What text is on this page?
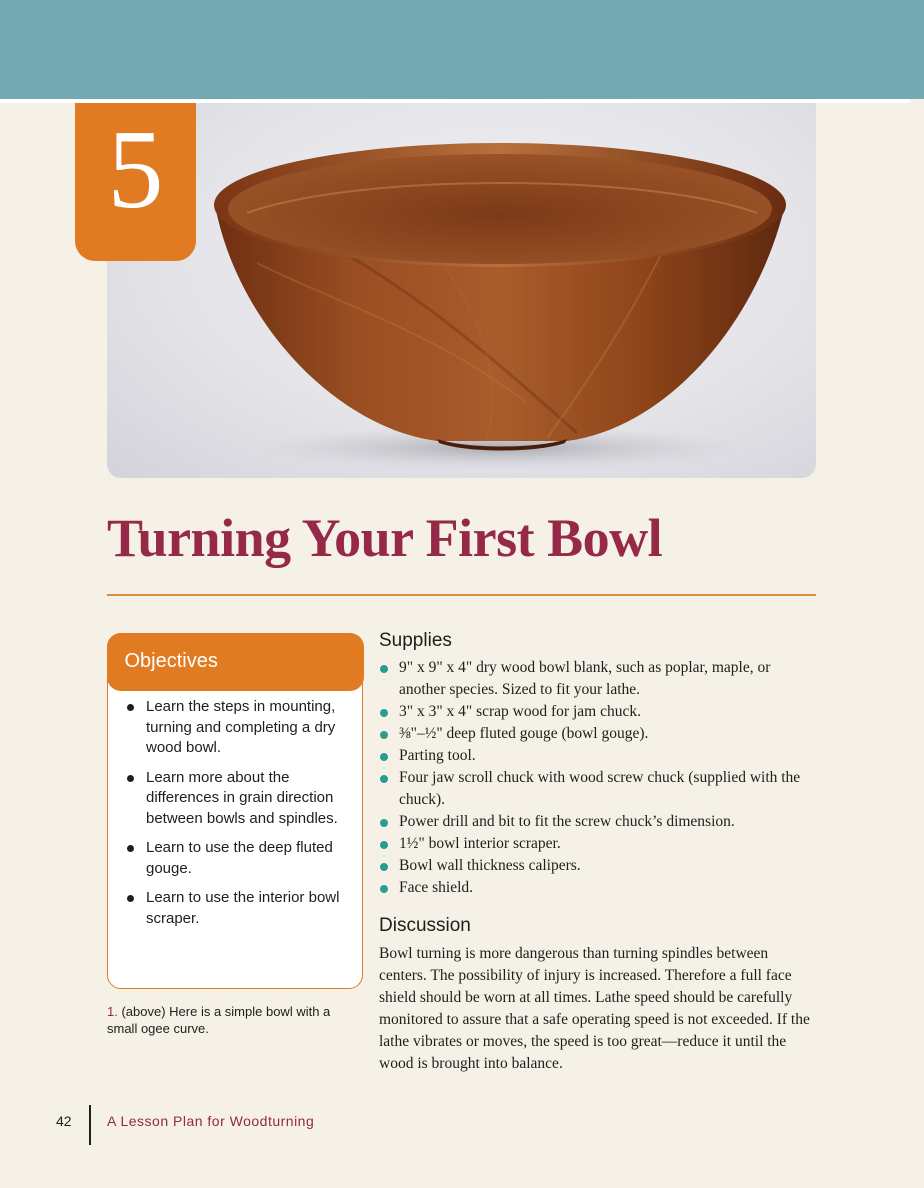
5
Turning Your First Bowl
Objectives
Learn the steps in mounting, turning and completing a dry wood bowl.
Learn more about the differences in grain direction between bowls and spindles.
Learn to use the deep fluted gouge.
Learn to use the interior bowl scraper.

1. (above) Here is a simple bowl with a small ogee curve.

Supplies
9" x 9" x 4" dry wood bowl blank, such as poplar, maple, or another species. Sized to fit your lathe.
3" x 3" x 4" scrap wood for jam chuck.
⅜"–½" deep fluted gouge (bowl gouge).
Parting tool.
Four jaw scroll chuck with wood screw chuck (supplied with the chuck).
Power drill and bit to fit the screw chuck’s dimension.
1½" bowl interior scraper.
Bowl wall thickness calipers.
Face shield.
Discussion

Bowl turning is more dangerous than turning spindles between centers. The possibility of injury is increased. Therefore a full face shield should be worn at all times. Lathe speed should be carefully monitored to assure that a safe operating speed is not exceeded. If the lathe vibrates or moves, the speed is too great—reduce it until the wood is brought into balance.

42	A Lesson Plan for Woodturning
